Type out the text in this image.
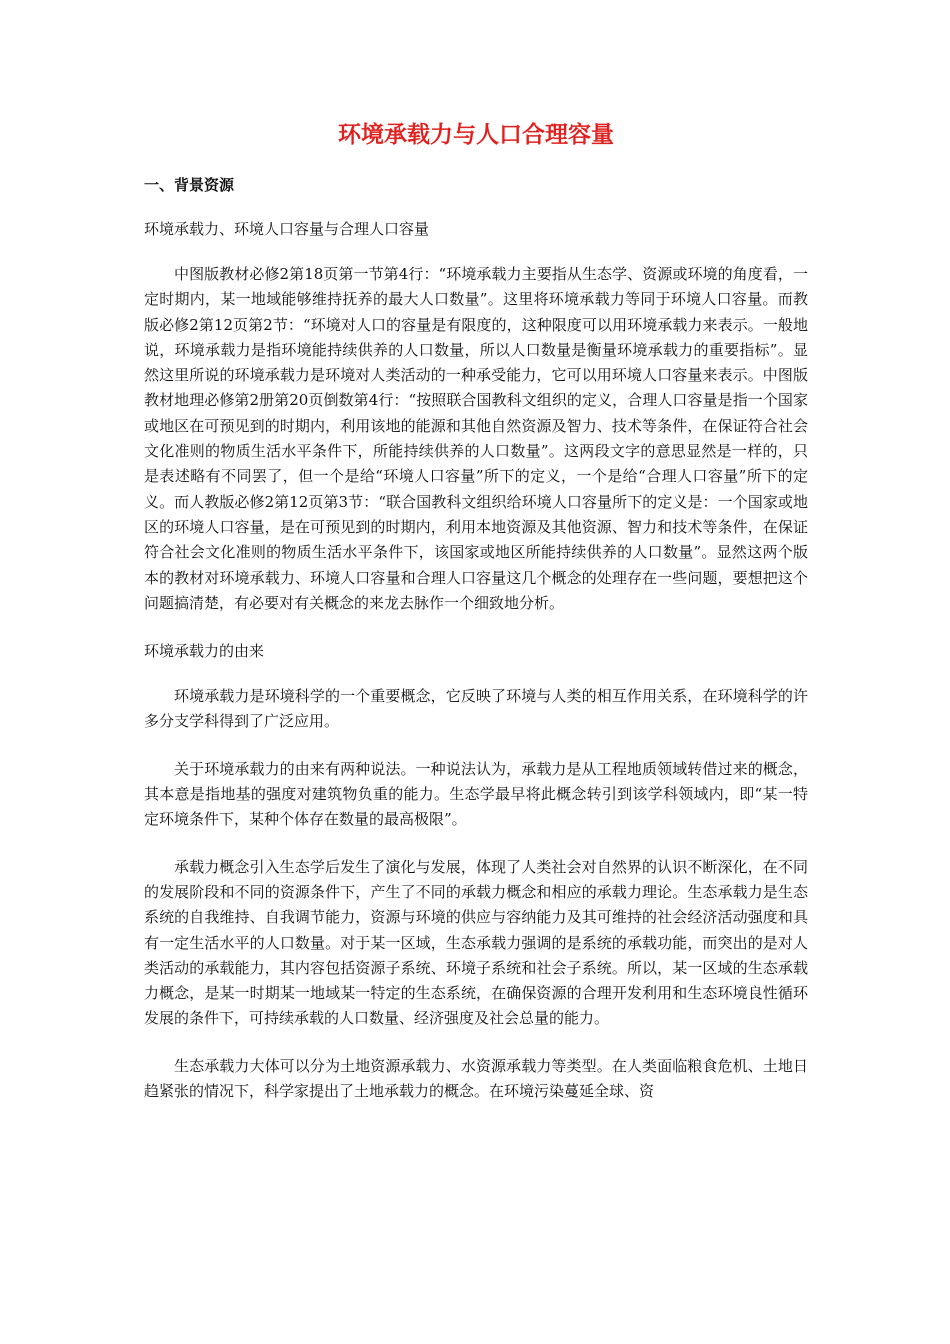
环境承载力与人口合理容量
一、背景资源
环境承载力、环境人口容量与合理人口容量

中图版教材必修2第18页第一节第4行：“环境承载力主要指从生态学、资源或环境的角度看，一定时期内，某一地域能够维持抚养的最大人口数量”。这里将环境承载力等同于环境人口容量。而教版必修2第12页第2节：“环境对人口的容量是有限度的，这种限度可以用环境承载力来表示。一般地说，环境承载力是指环境能持续供养的人口数量，所以人口数量是衡量环境承载力的重要指标”。显然这里所说的环境承载力是环境对人类活动的一种承受能力，它可以用环境人口容量来表示。中图版教材地理必修第2册第20页倒数第4行：“按照联合国教科文组织的定义，合理人口容量是指一个国家或地区在可预见到的时期内，利用该地的能源和其他自然资源及智力、技术等条件，在保证符合社会文化准则的物质生活水平条件下，所能持续供养的人口数量”。这两段文字的意思显然是一样的，只是表述略有不同罢了，但一个是给“环境人口容量”所下的定义，一个是给“合理人口容量”所下的定义。而人教版必修2第12页第3节：“联合国教科文组织给环境人口容量所下的定义是：一个国家或地区的环境人口容量，是在可预见到的时期内，利用本地资源及其他资源、智力和技术等条件，在保证符合社会文化准则的物质生活水平条件下，该国家或地区所能持续供养的人口数量”。显然这两个版本的教材对环境承载力、环境人口容量和合理人口容量这几个概念的处理存在一些问题，要想把这个问题搞清楚，有必要对有关概念的来龙去脉作一个细致地分析。

环境承载力的由来

环境承载力是环境科学的一个重要概念，它反映了环境与人类的相互作用关系，在环境科学的许多分支学科得到了广泛应用。

关于环境承载力的由来有两种说法。一种说法认为，承载力是从工程地质领域转借过来的概念，其本意是指地基的强度对建筑物负重的能力。生态学最早将此概念转引到该学科领域内，即“某一特定环境条件下，某种个体存在数量的最高极限”。

承载力概念引入生态学后发生了演化与发展，体现了人类社会对自然界的认识不断深化，在不同的发展阶段和不同的资源条件下，产生了不同的承载力概念和相应的承载力理论。生态承载力是生态系统的自我维持、自我调节能力，资源与环境的供应与容纳能力及其可维持的社会经济活动强度和具有一定生活水平的人口数量。对于某一区域，生态承载力强调的是系统的承载功能，而突出的是对人类活动的承载能力，其内容包括资源子系统、环境子系统和社会子系统。所以，某一区域的生态承载力概念，是某一时期某一地域某一特定的生态系统，在确保资源的合理开发利用和生态环境良性循环发展的条件下，可持续承载的人口数量、经济强度及社会总量的能力。

生态承载力大体可以分为土地资源承载力、水资源承载力等类型。在人类面临粮食危机、土地日趋紧张的情况下，科学家提出了土地承载力的概念。在环境污染蔓延全球、资
